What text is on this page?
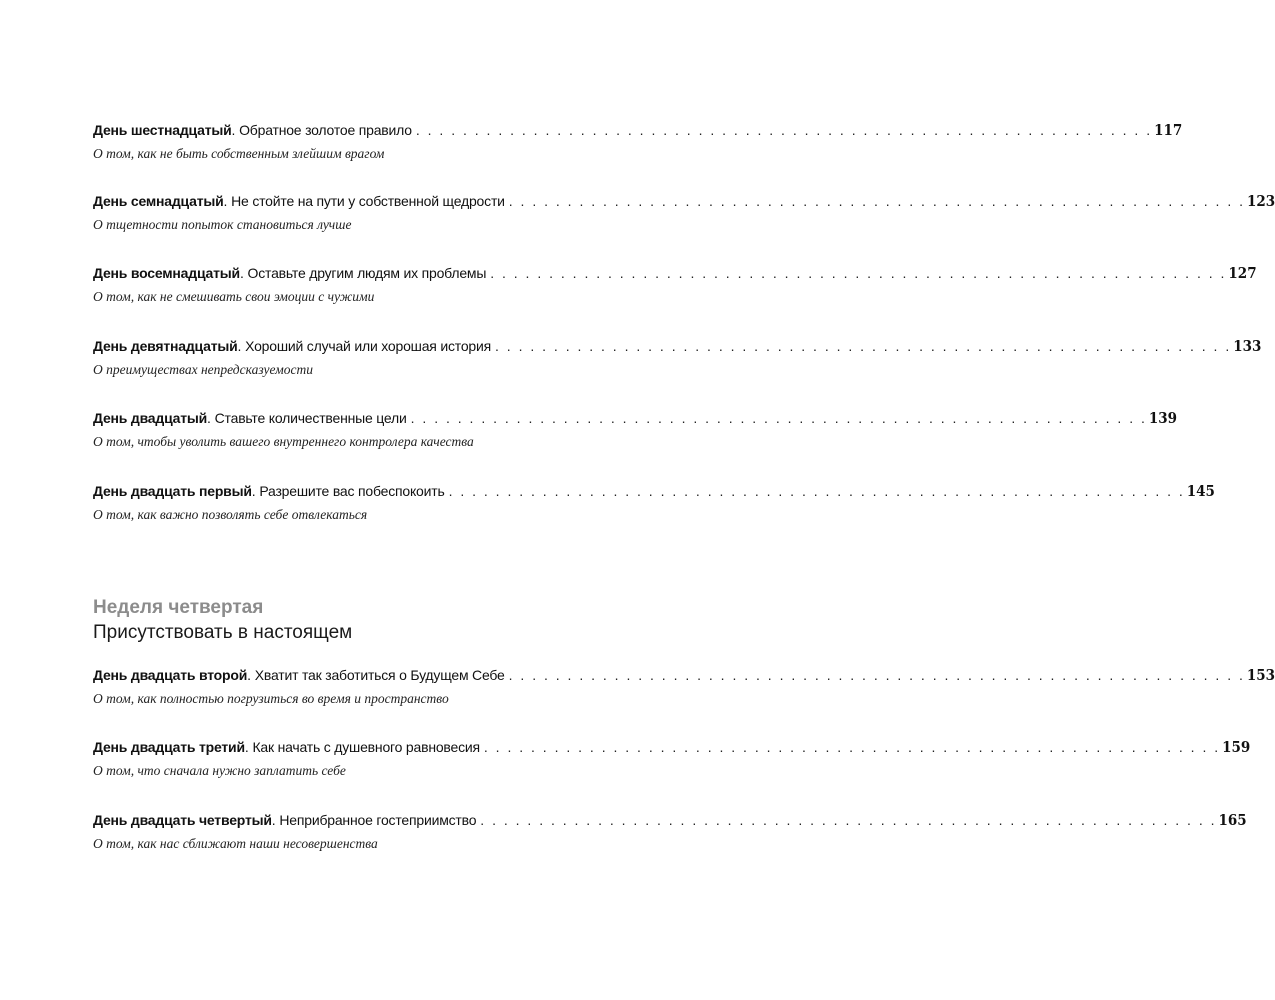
День шестнадцатый .
Обратное золотое правило . . . . . . . . . . . . . . . . . . . . . . . . . . . . . . . . . . . . . . . . . . . . . . . . . . . . . . . . . . . . . . . 117
О том, как не быть собственным злейшим врагом
День семнадцатый .
Не стойте на пути у собственной щедрости . . . . . . . . . . . . . . . . . . . . . . . . . . . . . . . . . . . . . . . . . . . . . . . . . . . . . . . . . . . . . . . 123
О тщетности попыток становиться лучше
День восемнадцатый .
Оставьте другим людям их проблемы . . . . . . . . . . . . . . . . . . . . . . . . . . . . . . . . . . . . . . . . . . . . . . . . . . . . . . . . . . . . . . . 127
О том, как не смешивать свои эмоции с чужими
День девятнадцатый .
Хороший случай или хорошая история . . . . . . . . . . . . . . . . . . . . . . . . . . . . . . . . . . . . . . . . . . . . . . . . . . . . . . . . . . . . . . . 133
О преимуществах непредсказуемости
День двадцатый .
Ставьте количественные цели . . . . . . . . . . . . . . . . . . . . . . . . . . . . . . . . . . . . . . . . . . . . . . . . . . . . . . . . . . . . . . . 139
О том, чтобы уволить вашего внутреннего контролера качества
День двадцать первый .
Разрешите вас побеспокоить . . . . . . . . . . . . . . . . . . . . . . . . . . . . . . . . . . . . . . . . . . . . . . . . . . . . . . . . . . . . . . . 145
О том, как важно позволять себе отвлекаться
Неделя четвертая
Присутствовать в настоящем
День двадцать второй .
Хватит так заботиться о Будущем Себе . . . . . . . . . . . . . . . . . . . . . . . . . . . . . . . . . . . . . . . . . . . . . . . . . . . . . . . . . . . . . . . 153
О том, как полностью погрузиться во время и пространство
День двадцать третий .
Как начать с душевного равновесия . . . . . . . . . . . . . . . . . . . . . . . . . . . . . . . . . . . . . . . . . . . . . . . . . . . . . . . . . . . . . . . 159
О том, что сначала нужно заплатить себе
День двадцать четвертый .
Неприбранное гостеприимство . . . . . . . . . . . . . . . . . . . . . . . . . . . . . . . . . . . . . . . . . . . . . . . . . . . . . . . . . . . . . . . 165
О том, как нас сближают наши несовершенства
